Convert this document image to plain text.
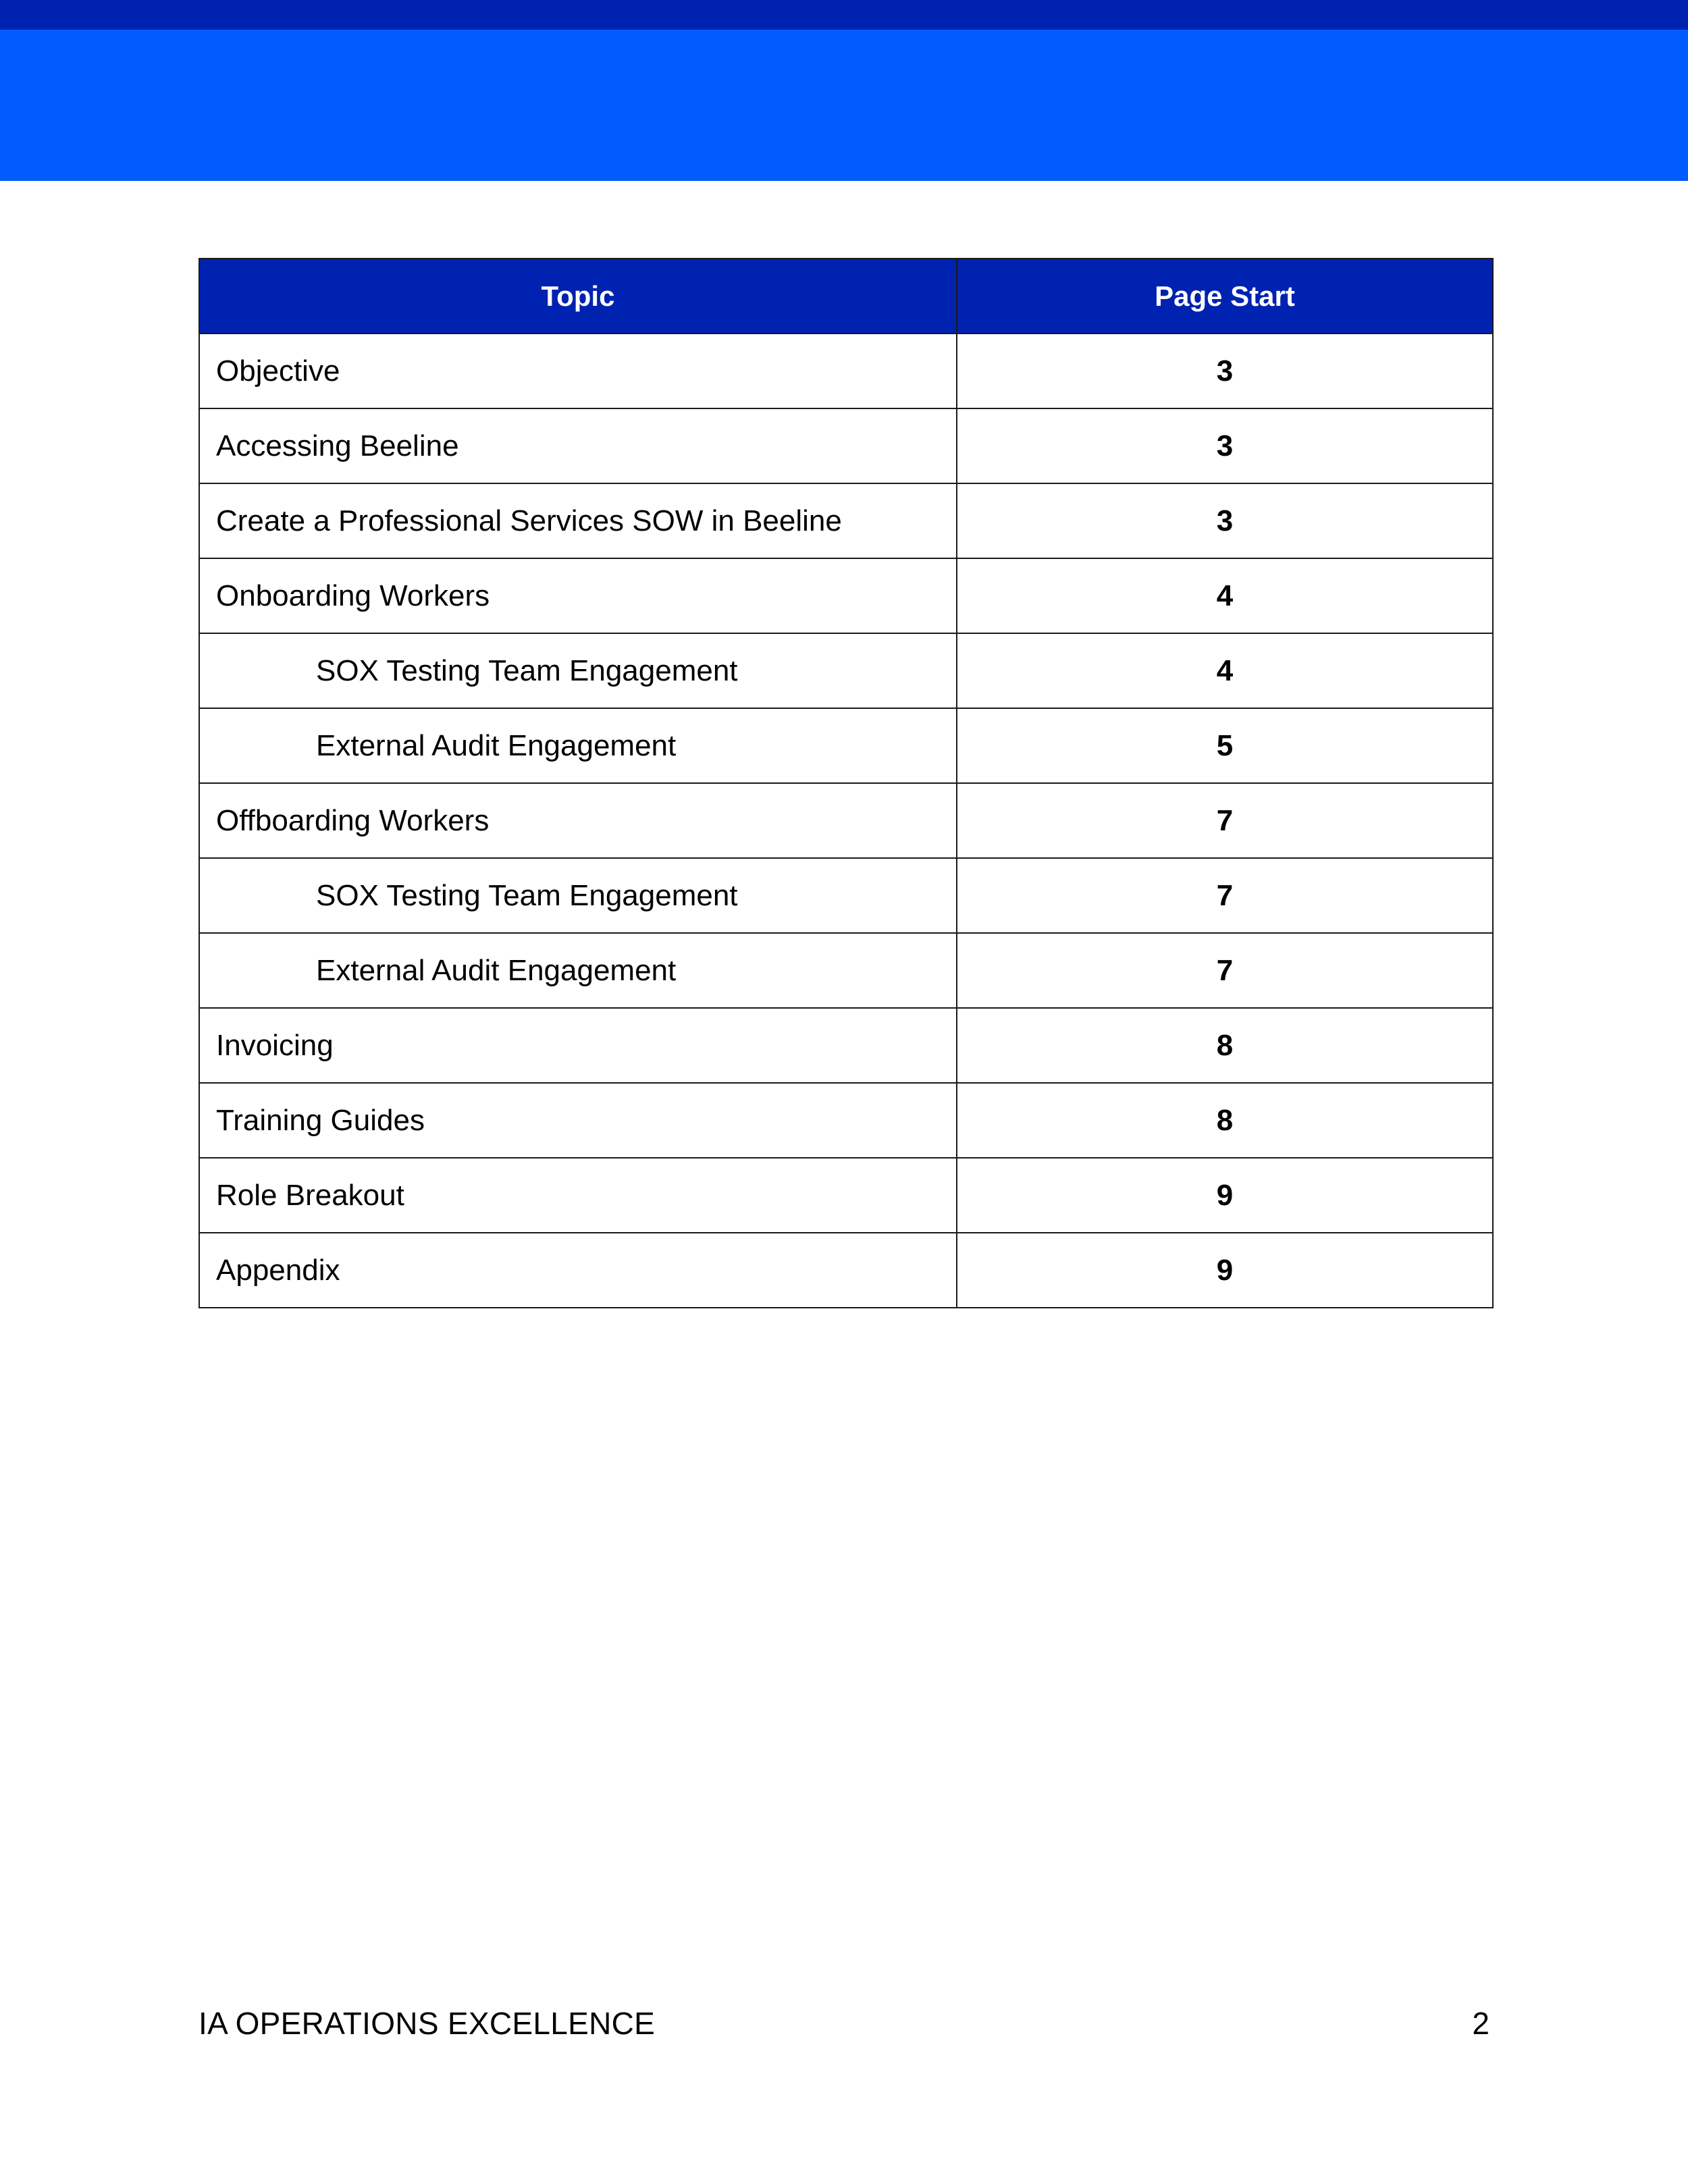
Topic	Page Start
Objective	3
Accessing Beeline	3
Create a Professional Services SOW in Beeline	3
Onboarding Workers	4
SOX Testing Team Engagement	4
External Audit Engagement	5
Offboarding Workers	7
SOX Testing Team Engagement	7
External Audit Engagement	7
Invoicing	8
Training Guides	8
Role Breakout	9
Appendix	9
IA OPERATIONS EXCELLENCE	2
